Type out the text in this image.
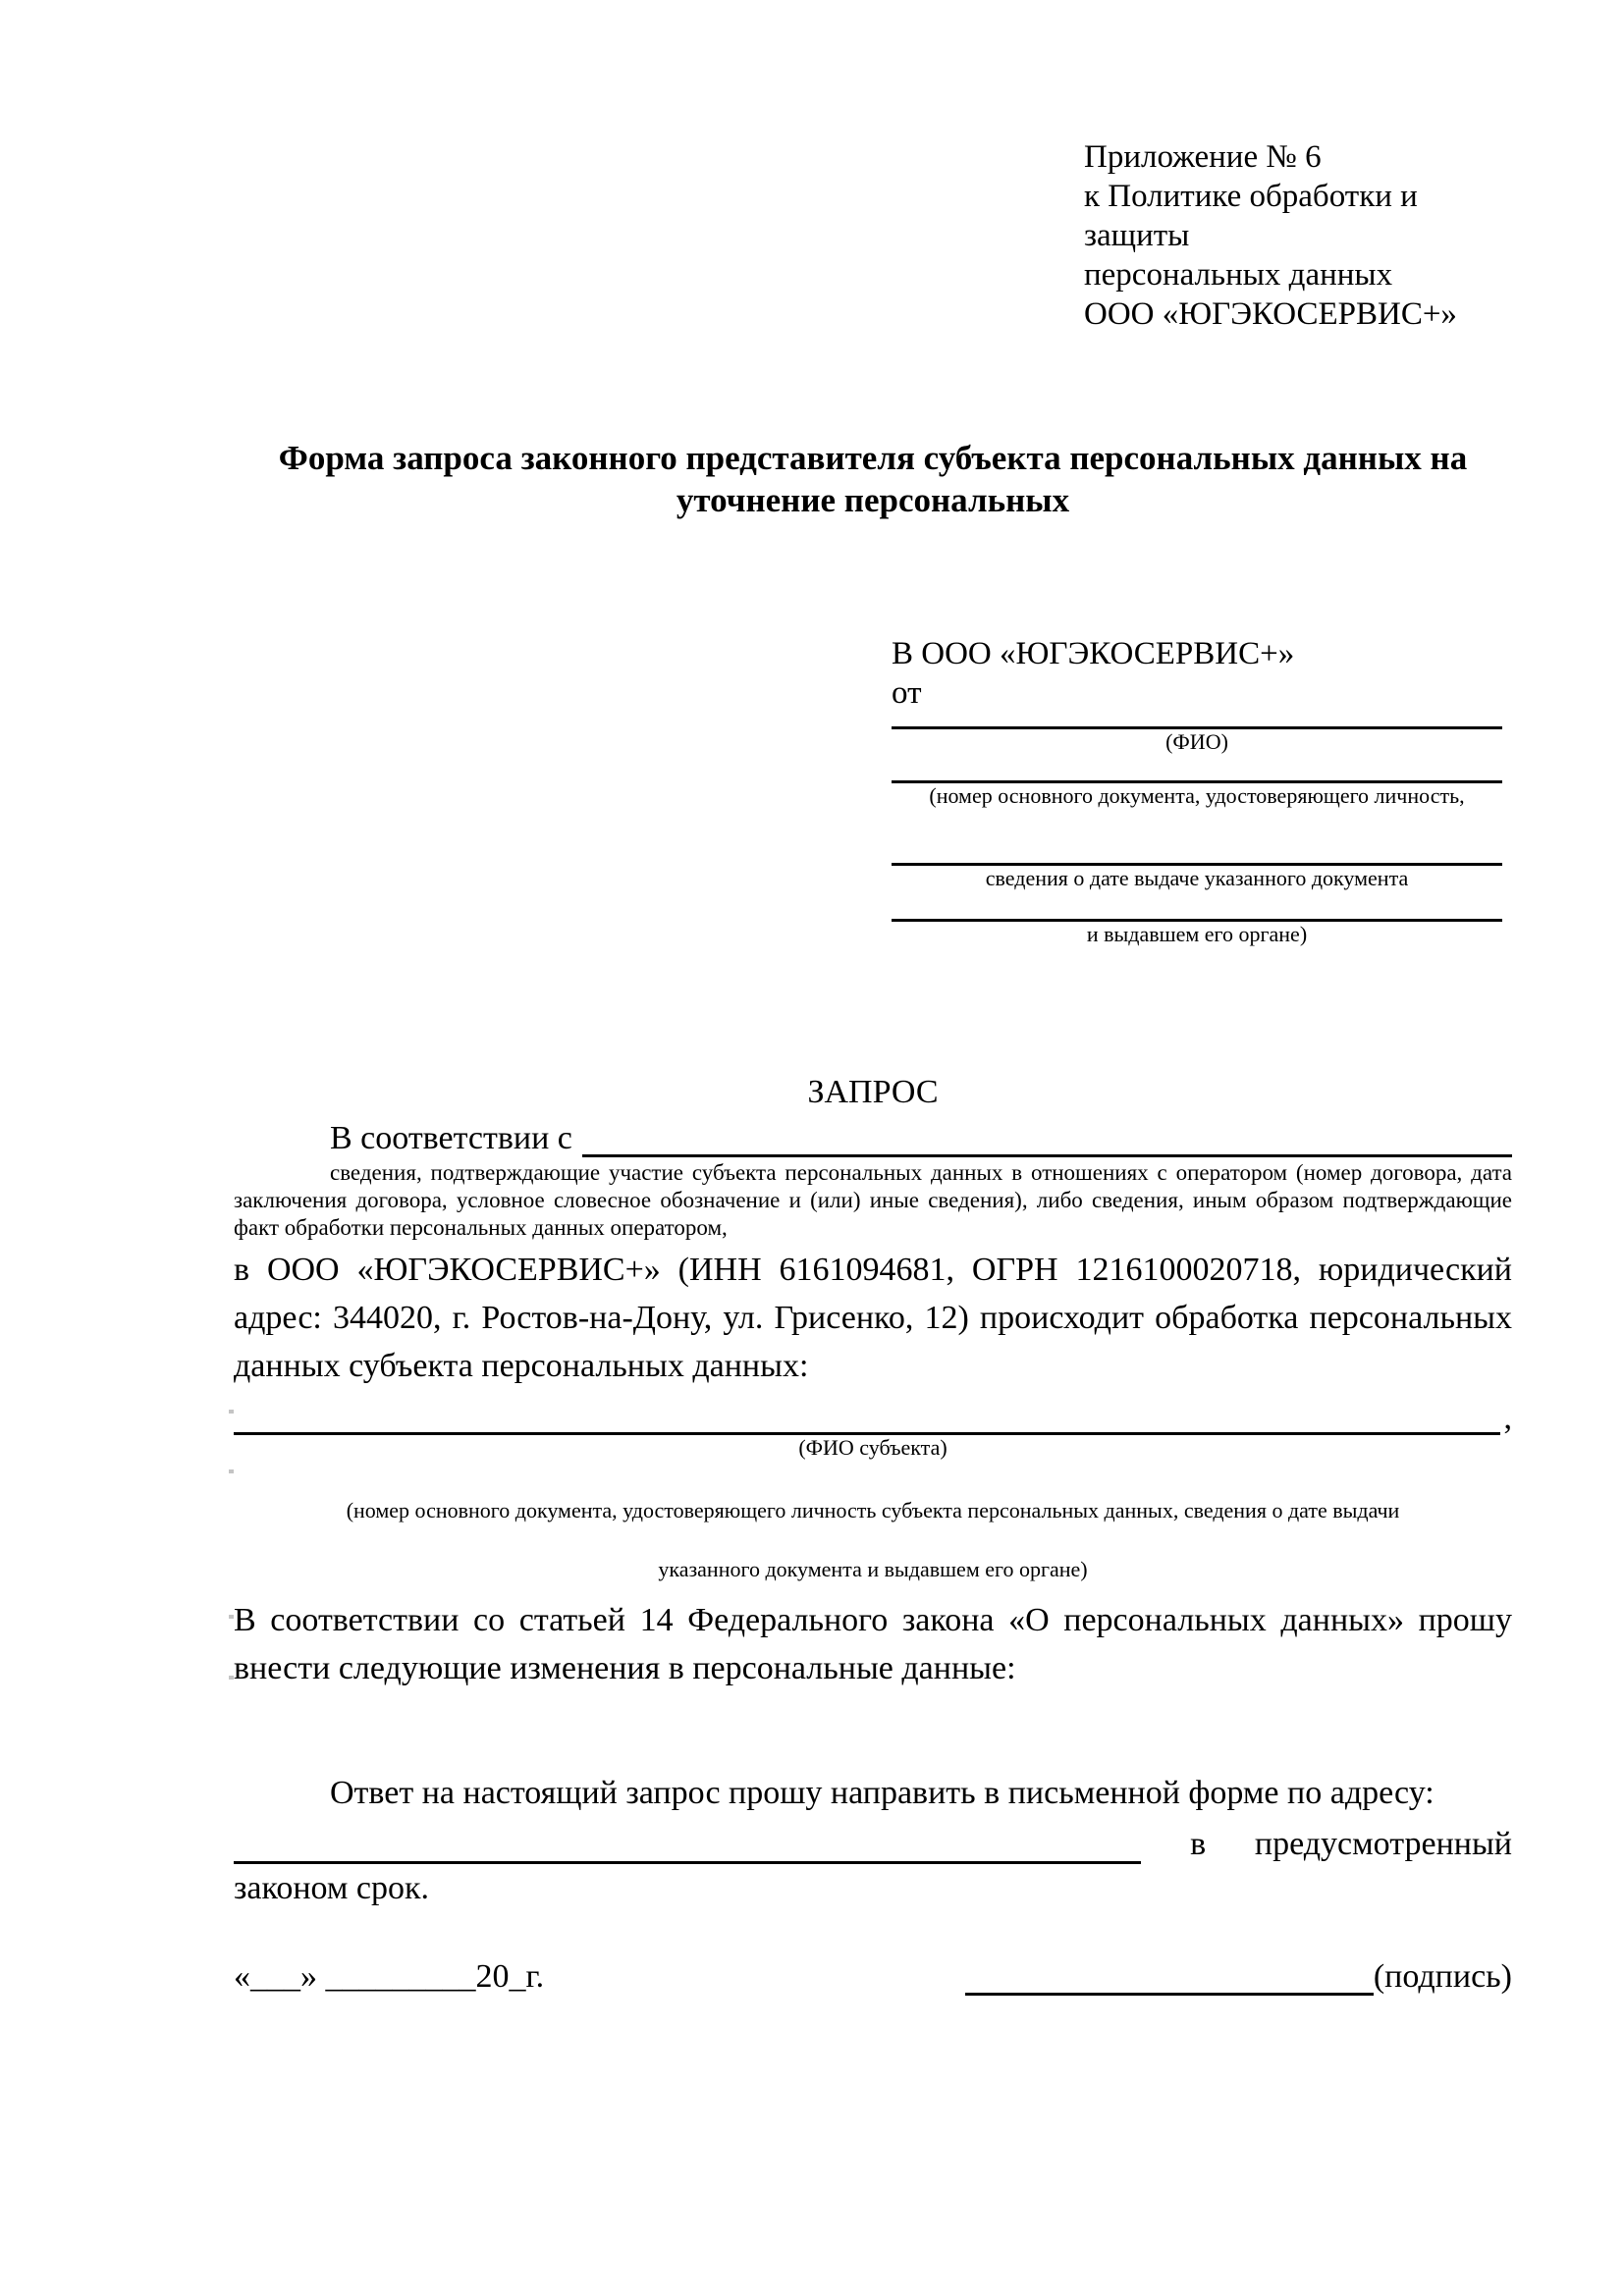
Приложение № 6
к Политике обработки и защиты
персональных данных
ООО «ЮГЭКОСЕРВИС+»
Форма запроса законного представителя субъекта персональных данных на уточнение персональных
В ООО «ЮГЭКОСЕРВИС+»
от
(ФИО)
(номер основного документа, удостоверяющего личность,
сведения о дате выдаче указанного документа
и выдавшем его органе)
ЗАПРОС
В соответствии с
сведения, подтверждающие участие субъекта персональных данных в отношениях с оператором (номер договора, дата заключения договора, условное словесное обозначение и (или) иные сведения), либо сведения, иным образом подтверждающие факт обработки персональных данных оператором,
в ООО «ЮГЭКОСЕРВИС+» (ИНН 6161094681, ОГРН 1216100020718, юридический адрес: 344020, г. Ростов-на-Дону, ул. Грисенко, 12) происходит обработка персональных данных субъекта персональных данных:
,
(ФИО субъекта)
(номер основного документа, удостоверяющего личность субъекта персональных данных, сведения о дате выдачи
указанного документа и выдавшем его органе)
В соответствии со статьей 14 Федерального закона «О персональных данных» прошу внести следующие изменения в персональные данные:
Ответ на настоящий запрос прошу направить в письменной форме по адресу:
в предусмотренный
законом срок.
«___» _________20_г.	(подпись)
